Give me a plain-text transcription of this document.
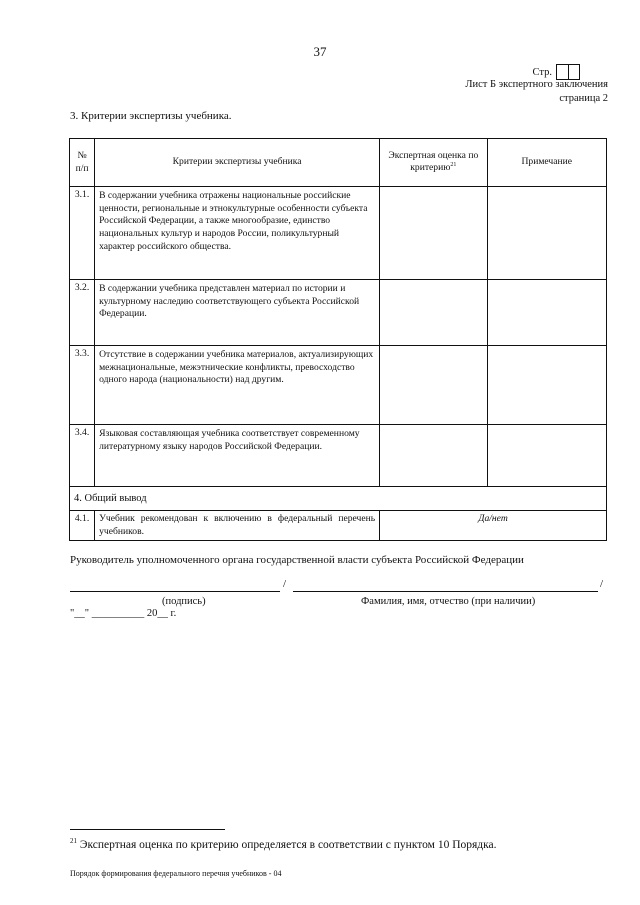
37
Стр.
Лист Б экспертного заключения
страница 2
3. Критерии экспертизы учебника.
№ п/п	Критерии экспертизы учебника	Экспертная оценка по критерию$^{21}$	Примечание
3.1.	В содержании учебника отражены национальные российские ценности, региональные и этнокультурные особенности субъекта Российской Федерации, а также многообразие, единство национальных культур и народов России, поликультурный характер российского общества.		
3.2.	В содержании учебника представлен материал по истории и культурному наследию соответствующего субъекта Российской Федерации.		
3.3.	Отсутствие в содержании учебника материалов, актуализирующих межнациональные, межэтнические конфликты, превосходство одного народа (национальности) над другим.		
3.4.	Языковая составляющая учебника соответствует современному литературному языку народов Российской Федерации.		
4. Общий вывод			
4.1.	Учебник рекомендован к включению в федеральный перечень учебников.	Да/нет	
Руководитель уполномоченного органа государственной власти субъекта Российской Федерации
/	/
(подпись)	Фамилия, имя, отчество (при наличии)
"__" __________ 20__ г.
$^{21}$ Экспертная оценка по критерию определяется в соответствии с пунктом 10 Порядка.
Порядок формирования федерального перечня учебников - 04
